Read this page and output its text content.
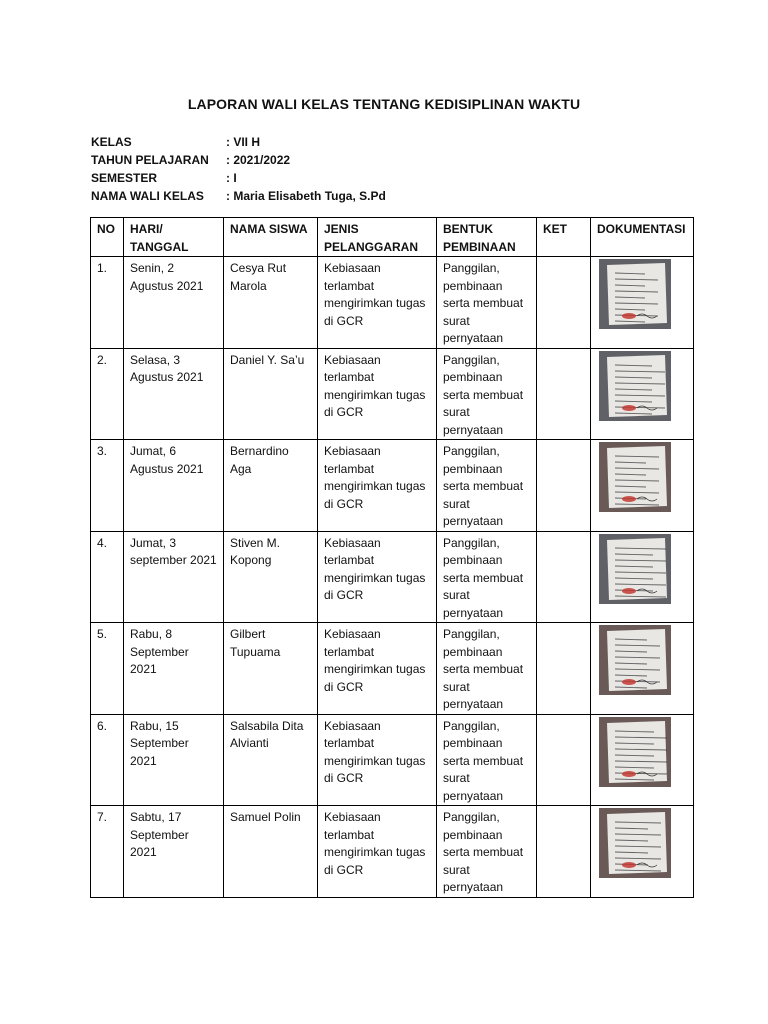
LAPORAN WALI KELAS TENTANG KEDISIPLINAN WAKTU
KELAS	: VII H
TAHUN PELAJARAN	: 2021/2022
SEMESTER	: I
NAMA WALI KELAS	: Maria Elisabeth Tuga, S.Pd
NO	HARI/ TANGGAL	NAMA SISWA	JENIS PELANGGARAN	BENTUK PEMBINAAN	KET	DOKUMENTASI
1.	Senin, 2 Agustus 2021	Cesya Rut Marola	Kebiasaan terlambat mengirimkan tugas di GCR	Panggilan, pembinaan serta membuat surat pernyataan		

2.	Selasa, 3 Agustus 2021	Daniel Y. Sa’u	Kebiasaan terlambat mengirimkan tugas di GCR	Panggilan, pembinaan serta membuat surat pernyataan		

3.	Jumat, 6 Agustus 2021	Bernardino Aga	Kebiasaan terlambat mengirimkan tugas di GCR	Panggilan, pembinaan serta membuat surat pernyataan		

4.	Jumat, 3 september 2021	Stiven M. Kopong	Kebiasaan terlambat mengirimkan tugas di GCR	Panggilan, pembinaan serta membuat surat pernyataan		

5.	Rabu, 8 September 2021	Gilbert Tupuama	Kebiasaan terlambat mengirimkan tugas di GCR	Panggilan, pembinaan serta membuat surat pernyataan		

6.	Rabu, 15 September 2021	Salsabila Dita Alvianti	Kebiasaan terlambat mengirimkan tugas di GCR	Panggilan, pembinaan serta membuat surat pernyataan		

7.	Sabtu, 17 September 2021	Samuel Polin	Kebiasaan terlambat mengirimkan tugas di GCR	Panggilan, pembinaan serta membuat surat pernyataan		
